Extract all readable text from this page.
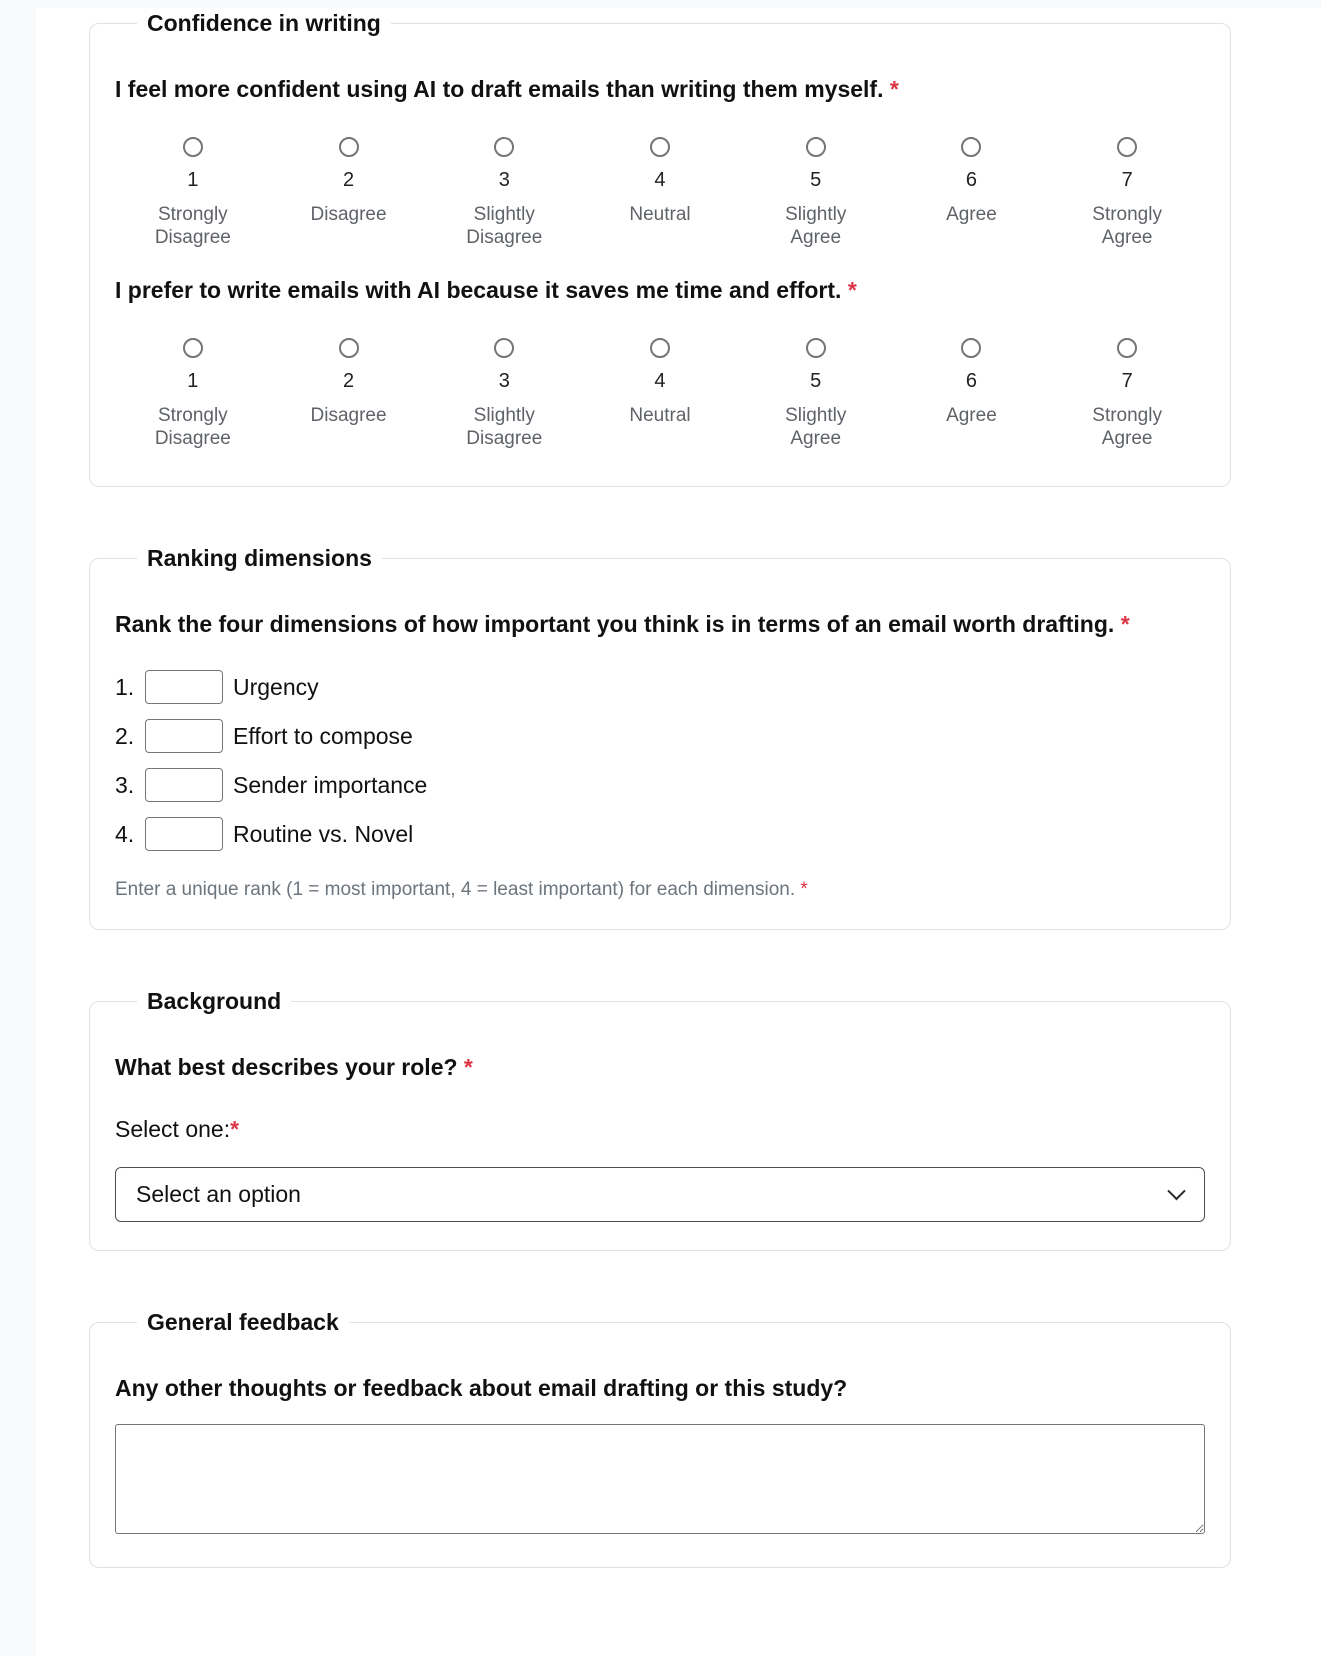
Confidence in writing
I feel more confident using AI to draft emails than writing them myself. *
1
Strongly Disagree
2
Disagree
3
Slightly Disagree
4
Neutral
5
Slightly Agree
6
Agree
7
Strongly Agree
I prefer to write emails with AI because it saves me time and effort. *
1
Strongly Disagree
2
Disagree
3
Slightly Disagree
4
Neutral
5
Slightly Agree
6
Agree
7
Strongly Agree
Ranking dimensions
Rank the four dimensions of how important you think is in terms of an email worth drafting. *
1.	Urgency
2.	Effort to compose
3.	Sender importance
4.	Routine vs. Novel
Enter a unique rank (1 = most important, 4 = least important) for each dimension. *
Background
What best describes your role? *
Select one:*
Select an option
General feedback
Any other thoughts or feedback about email drafting or this study?
